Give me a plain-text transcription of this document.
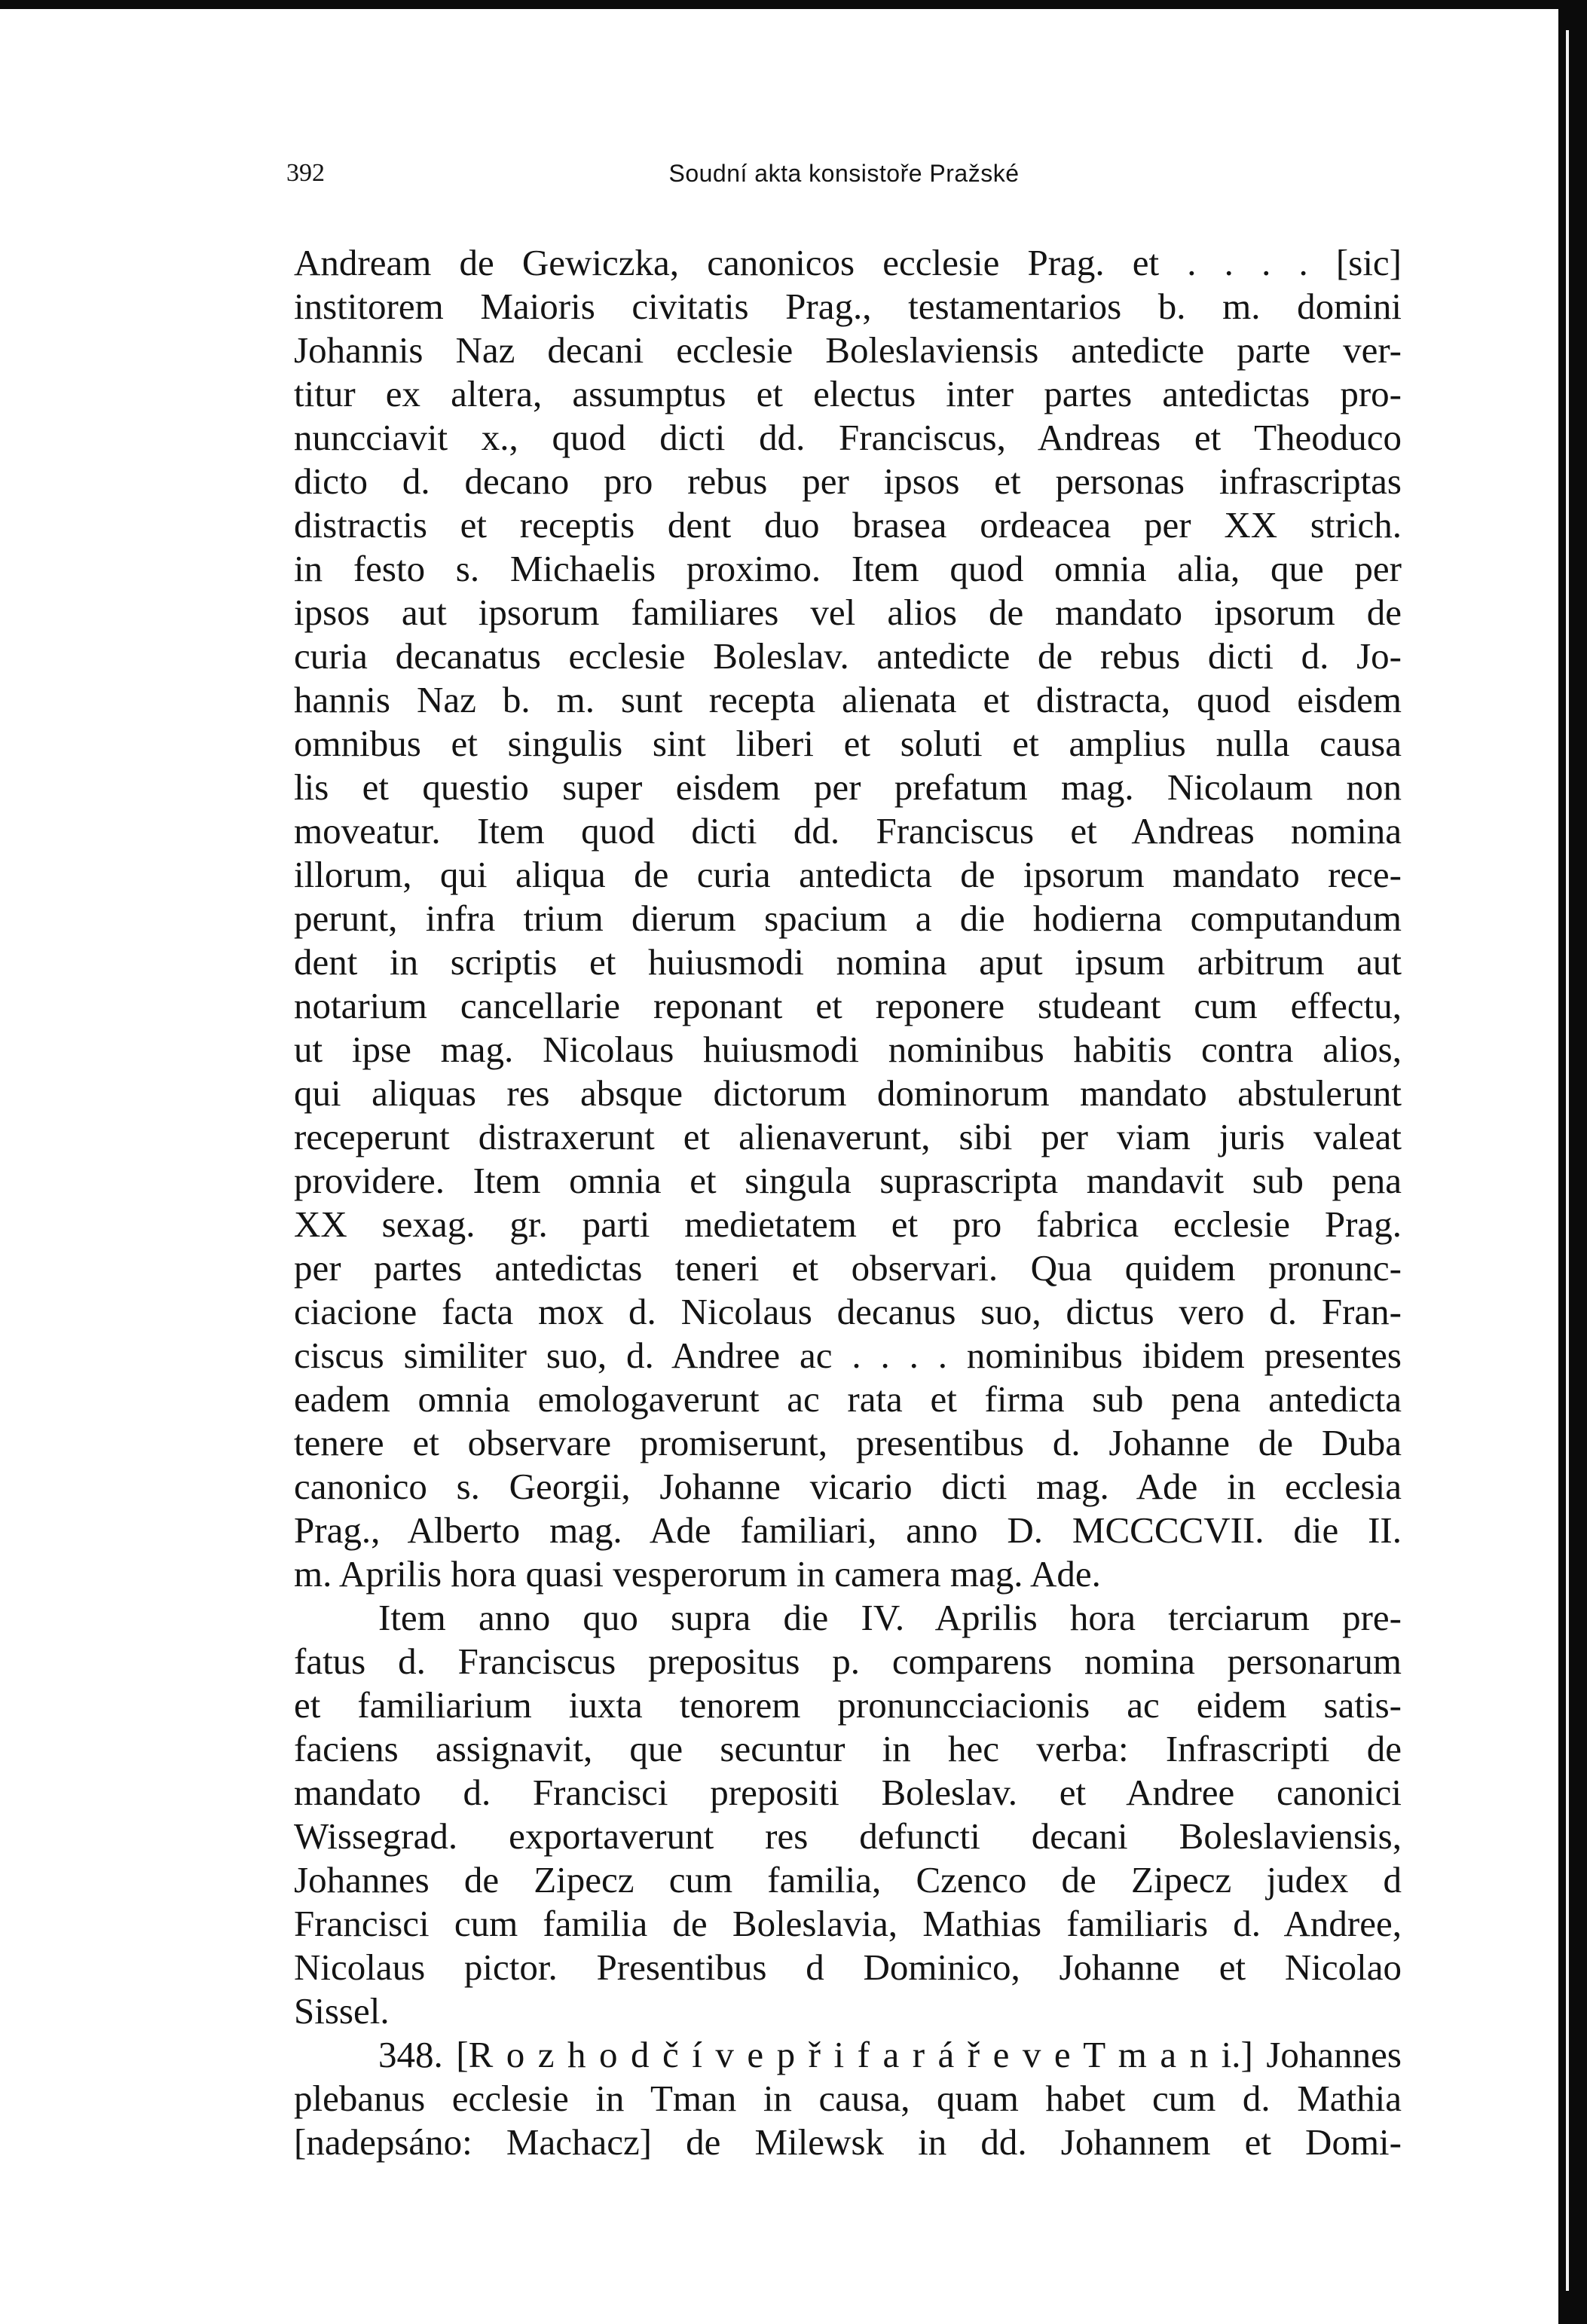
392	Soudní akta konsistoře Pražské
Andream de Gewiczka, canonicos ecclesie Prag. et . . . . [sic]
institorem Maioris civitatis Prag., testamentarios b. m. domini
Johannis Naz decani ecclesie Boleslaviensis antedicte parte ver-
titur ex altera, assumptus et electus inter partes antedictas pro-
nuncciavit x., quod dicti dd. Franciscus, Andreas et Theoduco
dicto d. decano pro rebus per ipsos et personas infrascriptas
distractis et receptis dent duo brasea ordeacea per XX strich.
in festo s. Michaelis proximo. Item quod omnia alia, que per
ipsos aut ipsorum familiares vel alios de mandato ipsorum de
curia decanatus ecclesie Boleslav. antedicte de rebus dicti d. Jo-
hannis Naz b. m. sunt recepta alienata et distracta, quod eisdem
omnibus et singulis sint liberi et soluti et amplius nulla causa
lis et questio super eisdem per prefatum mag. Nicolaum non
moveatur. Item quod dicti dd. Franciscus et Andreas nomina
illorum, qui aliqua de curia antedicta de ipsorum mandato rece-
perunt, infra trium dierum spacium a die hodierna computandum
dent in scriptis et huiusmodi nomina aput ipsum arbitrum aut
notarium cancellarie reponant et reponere studeant cum effectu,
ut ipse mag. Nicolaus huiusmodi nominibus habitis contra alios,
qui aliquas res absque dictorum dominorum mandato abstulerunt
receperunt distraxerunt et alienaverunt, sibi per viam juris valeat
providere. Item omnia et singula suprascripta mandavit sub pena
XX sexag. gr. parti medietatem et pro fabrica ecclesie Prag.
per partes antedictas teneri et observari. Qua quidem pronunc-
ciacione facta mox d. Nicolaus decanus suo, dictus vero d. Fran-
ciscus similiter suo, d. Andree ac . . . . nominibus ibidem presentes
eadem omnia emologaverunt ac rata et firma sub pena antedicta
tenere et observare promiserunt, presentibus d. Johanne de Duba
canonico s. Georgii, Johanne vicario dicti mag. Ade in ecclesia
Prag., Alberto mag. Ade familiari, anno D. MCCCCVII. die II.
m. Aprilis hora quasi vesperorum in camera mag. Ade.
Item anno quo supra die IV. Aprilis hora terciarum pre-
fatus d. Franciscus prepositus p. comparens nomina personarum
et familiarium iuxta tenorem pronuncciacionis ac eidem satis-
faciens assignavit, que secuntur in hec verba: Infrascripti de
mandato d. Francisci prepositi Boleslav. et Andree canonici
Wissegrad. exportaverunt res defuncti decani Boleslaviensis,
Johannes de Zipecz cum familia, Czenco de Zipecz judex d
Francisci cum familia de Boleslavia, Mathias familiaris d. Andree,
Nicolaus pictor. Presentibus d Dominico, Johanne et Nicolao
Sissel.
348. [R o z h o d č í v e p ř i f a r á ř e v e T m a n i.] Johannes
plebanus ecclesie in Tman in causa, quam habet cum d. Mathia
[nadepsáno: Machacz] de Milewsk in dd. Johannem et Domi-
